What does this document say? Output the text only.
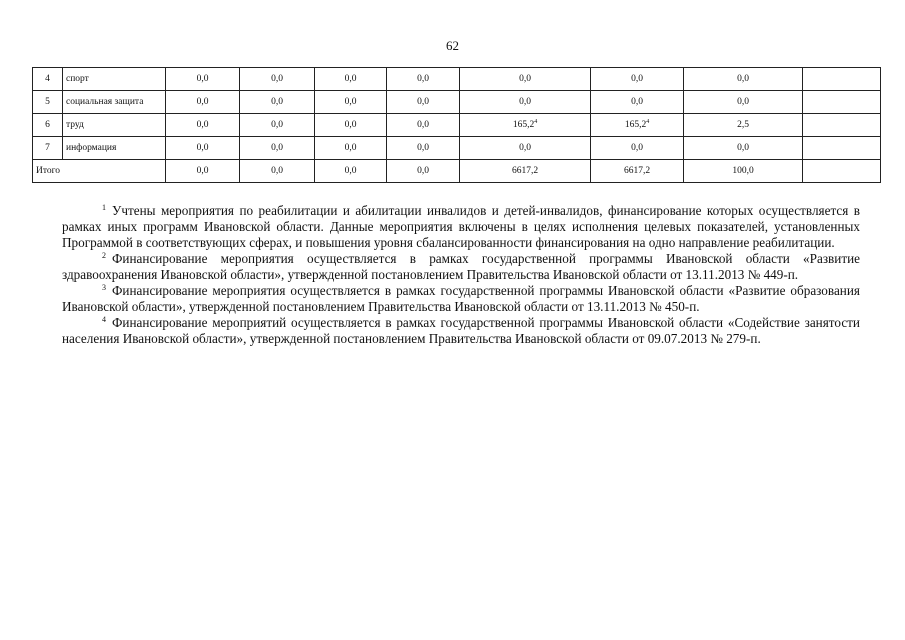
62
4	спорт	0,0	0,0	0,0	0,0	0,0	0,0	0,0	
5	социальная защита	0,0	0,0	0,0	0,0	0,0	0,0	0,0	
6	труд	0,0	0,0	0,0	0,0	165,2$^4$	165,2$^4$	2,5	
7	информация	0,0	0,0	0,0	0,0	0,0	0,0	0,0	
Итого		0,0	0,0	0,0	0,0	6617,2	6617,2	100,0	

$^1$ Учтены мероприятия по реабилитации и абилитации инвалидов и детей-инвалидов, финансирование которых осуществляется в рамках иных программ Ивановской области. Данные мероприятия включены в целях исполнения целевых показателей, установленных Программой в соответствующих сферах, и повышения уровня сбалансированности финансирования на одно направление реабилитации.

$^2$ Финансирование мероприятия осуществляется в рамках государственной программы Ивановской области «Развитие здравоохранения Ивановской области», утвержденной постановлением Правительства Ивановской области от 13.11.2013 № 449-п.

$^3$ Финансирование мероприятия осуществляется в рамках государственной программы Ивановской области «Развитие образования Ивановской области», утвержденной постановлением Правительства Ивановской области от 13.11.2013 № 450-п.

$^4$ Финансирование мероприятий осуществляется в рамках государственной программы Ивановской области «Содействие занятости населения Ивановской области», утвержденной постановлением Правительства Ивановской области от 09.07.2013 № 279-п.
